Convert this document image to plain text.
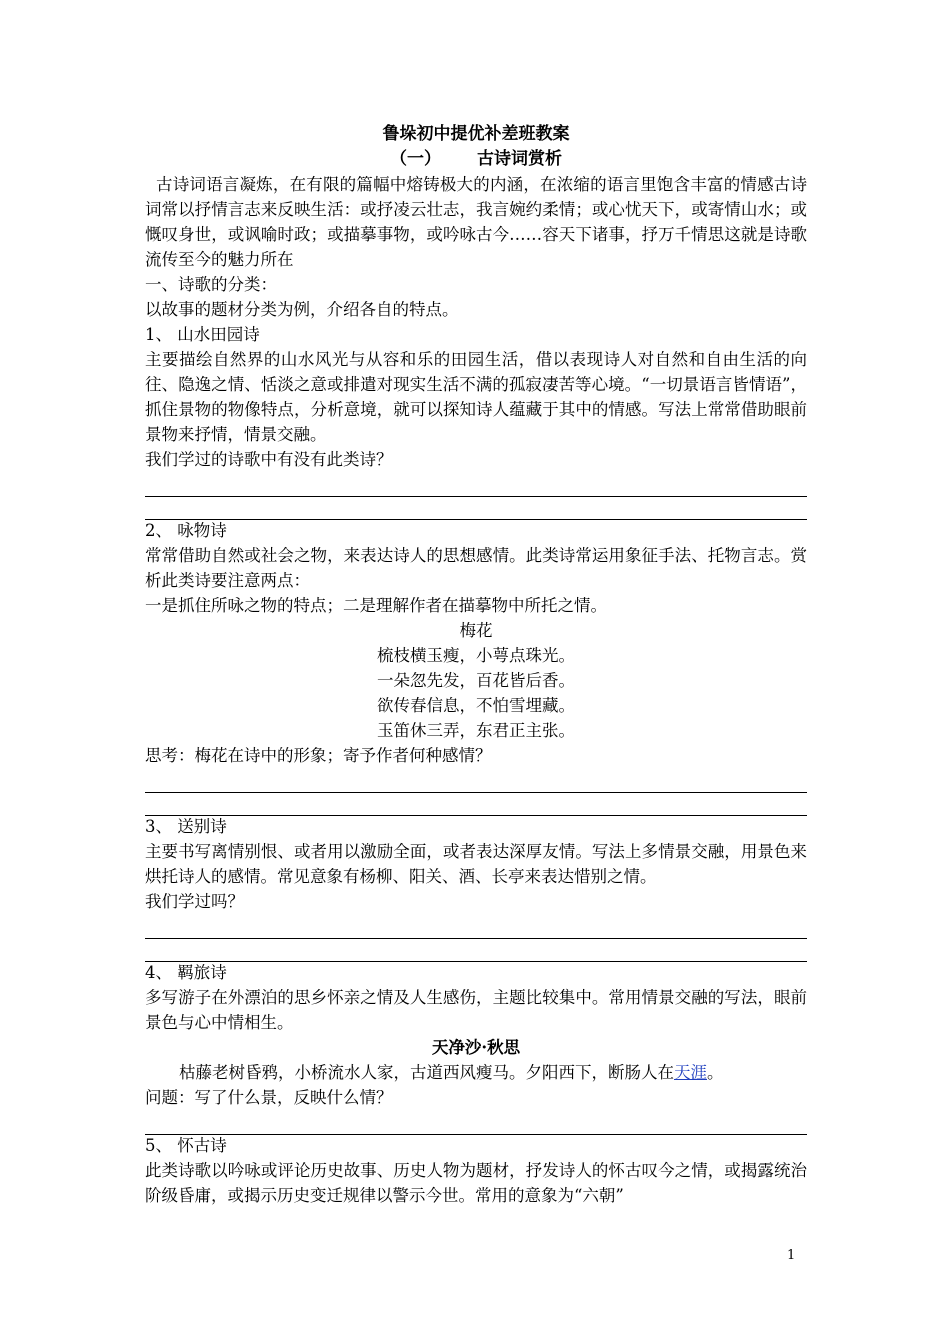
鲁垛初中提优补差班教案

（一） 古诗词赏析

古诗词语言凝炼，在有限的篇幅中熔铸极大的内涵，在浓缩的语言里饱含丰富的情感古诗词常以抒情言志来反映生活：或抒凌云壮志，我言婉约柔情；或心忧天下，或寄情山水；或慨叹身世，或讽喻时政；或描摹事物，或吟咏古今……容天下诸事，抒万千情思这就是诗歌流传至今的魅力所在

一、诗歌的分类：

以故事的题材分类为例，介绍各自的特点。

1、 山水田园诗

主要描绘自然界的山水风光与从容和乐的田园生活，借以表现诗人对自然和自由生活的向往、隐逸之情、恬淡之意或排遣对现实生活不满的孤寂凄苦等心境。“一切景语言皆情语”，抓住景物的物像特点，分析意境，就可以探知诗人蕴藏于其中的情感。写法上常常借助眼前景物来抒情，情景交融。

我们学过的诗歌中有没有此类诗？

2、 咏物诗

常常借助自然或社会之物，来表达诗人的思想感情。此类诗常运用象征手法、托物言志。赏析此类诗要注意两点：

一是抓住所咏之物的特点；二是理解作者在描摹物中所托之情。

梅花

梳枝横玉瘦，小萼点珠光。

一朵忽先发，百花皆后香。

欲传春信息，不怕雪埋藏。

玉笛休三弄，东君正主张。

思考：梅花在诗中的形象；寄予作者何种感情？

3、 送别诗

主要书写离情别恨、或者用以激励全面，或者表达深厚友情。写法上多情景交融，用景色来烘托诗人的感情。常见意象有杨柳、阳关、酒、长亭来表达惜别之情。

我们学过吗？

4、 羁旅诗

多写游子在外漂泊的思乡怀亲之情及人生感伤，主题比较集中。常用情景交融的写法，眼前景色与心中情相生。

天净沙·秋思

枯藤老树昏鸦，小桥流水人家，古道西风瘦马。夕阳西下，断肠人在天涯。

问题：写了什么景，反映什么情？

5、 怀古诗

此类诗歌以吟咏或评论历史故事、历史人物为题材，抒发诗人的怀古叹今之情，或揭露统治阶级昏庸，或揭示历史变迁规律以警示今世。常用的意象为“六朝”

1
